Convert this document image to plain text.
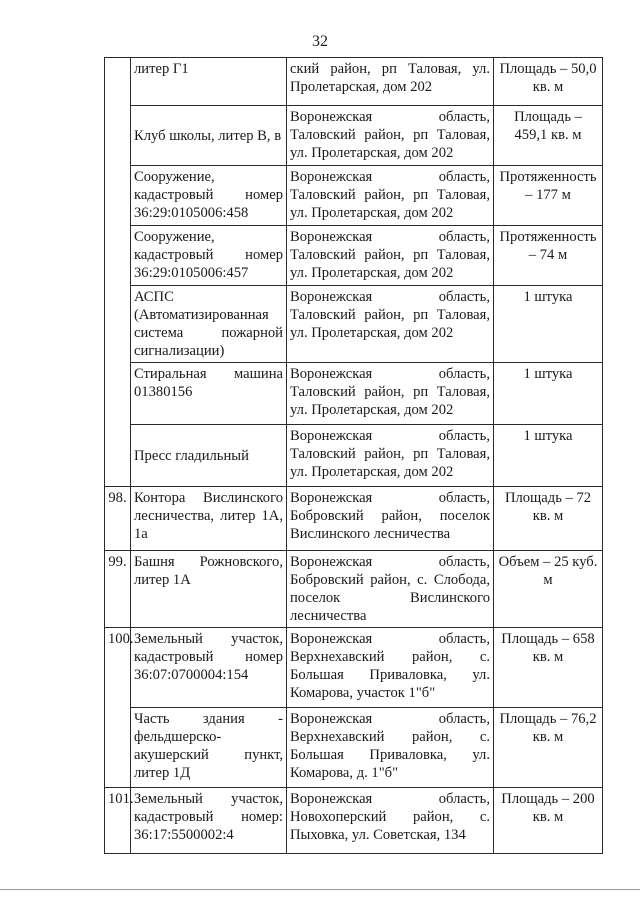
32
	литер Г1	ский район, рп Таловая, ул. Пролетарская, дом 202	Площадь – 50,0 кв. м
	Клуб школы, литер В, в	Воронежская область, Таловский район, рп Таловая, ул. Пролетарская, дом 202	Площадь – 459,1 кв. м
	Сооружение, кадастровый номер 36:29:0105006:458	Воронежская область, Таловский район, рп Таловая, ул. Пролетарская, дом 202	Протяженность – 177 м
	Сооружение, кадастровый номер 36:29:0105006:457	Воронежская область, Таловский район, рп Таловая, ул. Пролетарская, дом 202	Протяженность – 74 м
	АСПС (Автоматизированная система пожарной сигнализации)	Воронежская область, Таловский район, рп Таловая, ул. Пролетарская, дом 202	1 штука
	Стиральная машина 01380156	Воронежская область, Таловский район, рп Таловая, ул. Пролетарская, дом 202	1 штука
	Пресс гладильный	Воронежская область, Таловский район, рп Таловая, ул. Пролетарская, дом 202	1 штука
98.	Контора Вислинского лесничества, литер 1А, 1а	Воронежская область, Бобровский район, поселок Вислинского лесничества	Площадь – 72 кв. м
99.	Башня Рожновского, литер 1А	Воронежская область, Бобровский район, с. Слобода, поселок Вислинского лесничества	Объем – 25 куб. м
100.	Земельный участок, кадастровый номер 36:07:0700004:154	Воронежская область, Верхнехавский район, с. Большая Приваловка, ул. Комарова, участок 1"б"	Площадь – 658 кв. м
	Часть здания - фельдшерско-акушерский пункт, литер 1Д	Воронежская область, Верхнехавский район, с. Большая Приваловка, ул. Комарова, д. 1"б"	Площадь – 76,2 кв. м
101.	Земельный участок, кадастровый номер: 36:17:5500002:4	Воронежская область, Новохоперский район, с. Пыховка, ул. Советская, 134	Площадь – 200 кв. м
